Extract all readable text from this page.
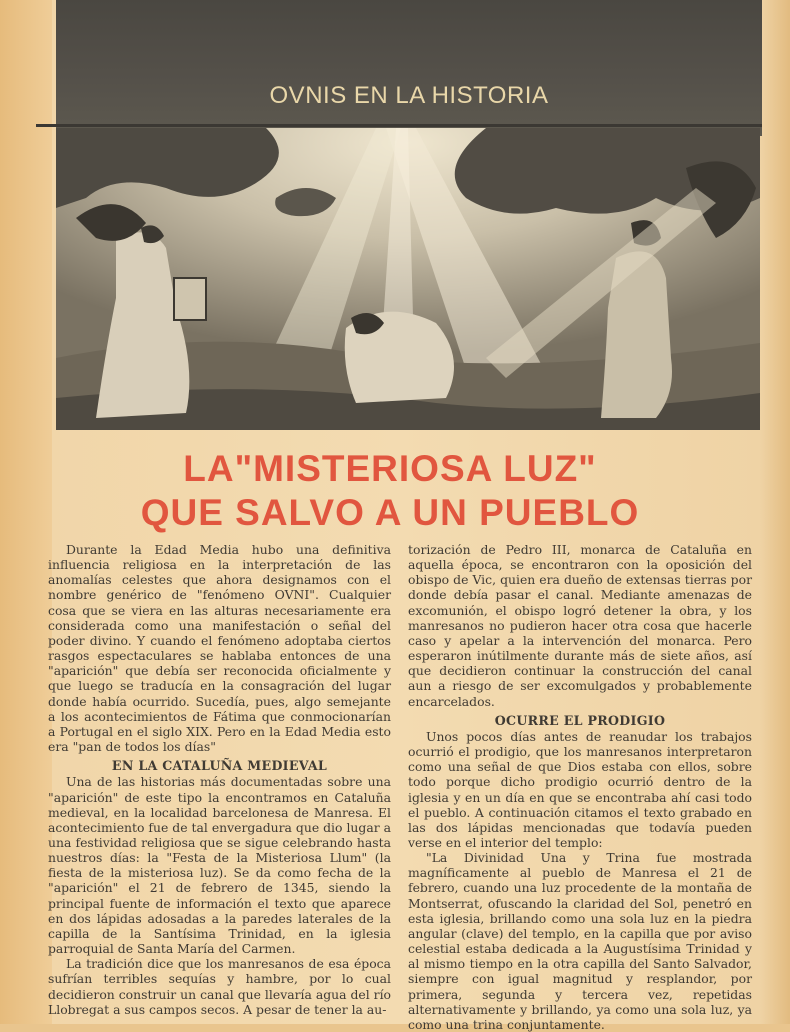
OVNIS EN LA HISTORIA
LA"MISTERIOSA LUZ"
QUE SALVO A UN PUEBLO

Durante la Edad Media hubo una definitiva influencia religiosa en la interpretación de las anomalías celestes que ahora designamos con el nombre genérico de "fenómeno OVNI". Cualquier cosa que se viera en las alturas necesariamente era considerada como una manifestación o señal del poder divino. Y cuando el fenómeno adoptaba ciertos rasgos espectaculares se hablaba entonces de una "aparición" que debía ser reconocida oficialmente y que luego se traducía en la consagración del lugar donde había ocurrido. Sucedía, pues, algo semejante a los acontecimientos de Fátima que conmocionarían a Portugal en el siglo XIX. Pero en la Edad Media esto era "pan de todos los días"

EN LA CATALUÑA MEDIEVAL

Una de las historias más documentadas sobre una "aparición" de este tipo la encontramos en Cataluña medieval, en la localidad barcelonesa de Manresa. El acontecimiento fue de tal envergadura que dio lugar a una festividad religiosa que se sigue celebrando hasta nuestros días: la "Festa de la Misteriosa Llum" (la fiesta de la misteriosa luz). Se da como fecha de la "aparición" el 21 de febrero de 1345, siendo la principal fuente de información el texto que aparece en dos lápidas adosadas a la paredes laterales de la capilla de la Santísima Trinidad, en la iglesia parroquial de Santa María del Carmen.

La tradición dice que los manresanos de esa época sufrían terribles sequías y hambre, por lo cual decidieron construir un canal que llevaría agua del río Llobregat a sus campos secos. A pesar de tener la au-

torización de Pedro III, monarca de Cataluña en aquella época, se encontraron con la oposición del obispo de Vic, quien era dueño de extensas tierras por donde debía pasar el canal. Mediante amenazas de excomunión, el obispo logró detener la obra, y los manresanos no pudieron hacer otra cosa que hacerle caso y apelar a la intervención del monarca. Pero esperaron inútilmente durante más de siete años, así que decidieron continuar la construcción del canal aun a riesgo de ser excomulgados y probablemente encarcelados.

OCURRE EL PRODIGIO

Unos pocos días antes de reanudar los trabajos ocurrió el prodigio, que los manresanos interpretaron como una señal de que Dios estaba con ellos, sobre todo porque dicho prodigio ocurrió dentro de la iglesia y en un día en que se encontraba ahí casi todo el pueblo. A continuación citamos el texto grabado en las dos lápidas mencionadas que todavía pueden verse en el interior del templo:

"La Divinidad Una y Trina fue mostrada magníficamente al pueblo de Manresa el 21 de febrero, cuando una luz procedente de la montaña de Montserrat, ofuscando la claridad del Sol, penetró en esta iglesia, brillando como una sola luz en la piedra angular (clave) del templo, en la capilla que por aviso celestial estaba dedicada a la Augustísima Trinidad y al mismo tiempo en la otra capilla del Santo Salvador, siempre con igual magnitud y resplandor, por primera, segunda y tercera vez, repetidas alternativamente y brillando, ya como una sola luz, ya como una trina conjuntamente.
